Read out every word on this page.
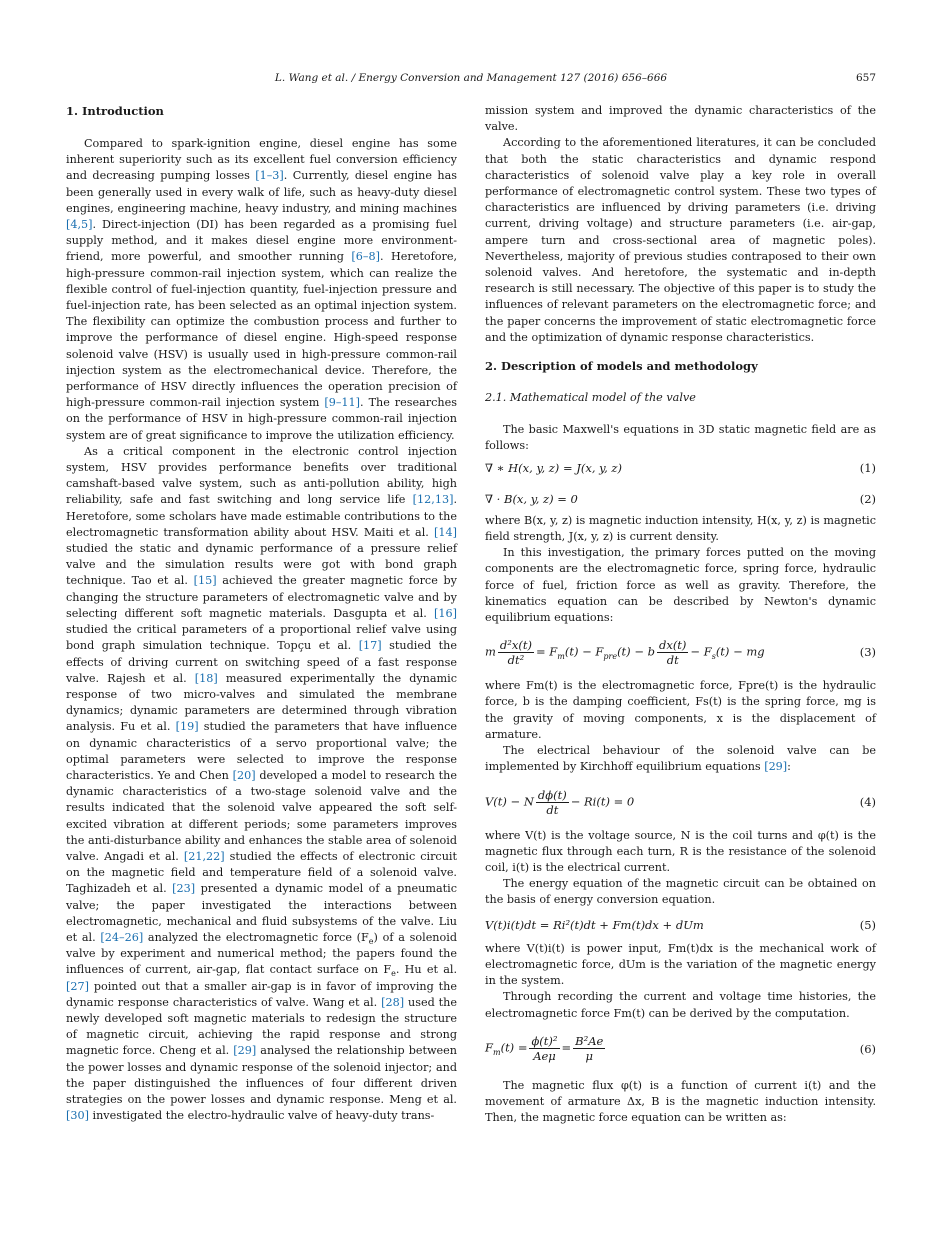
L. Wang et al. / Energy Conversion and Management 127 (2016) 656–666	657
1. Introduction

Compared to spark-ignition engine, diesel engine has some inherent superiority such as its excellent fuel conversion efficiency and decreasing pumping losses [1–3]. Currently, diesel engine has been generally used in every walk of life, such as heavy-duty diesel engines, engineering machine, heavy industry, and mining machines [4,5]. Direct-injection (DI) has been regarded as a promising fuel supply method, and it makes diesel engine more environment-friend, more powerful, and smoother running [6–8]. Heretofore, high-pressure common-rail injection system, which can realize the flexible control of fuel-injection quantity, fuel-injection pressure and fuel-injection rate, has been selected as an optimal injection system. The flexibility can optimize the combustion process and further to improve the performance of diesel engine. High-speed response solenoid valve (HSV) is usually used in high-pressure common-rail injection system as the electromechanical device. Therefore, the performance of HSV directly influences the operation precision of high-pressure common-rail injection system [9–11]. The researches on the performance of HSV in high-pressure common-rail injection system are of great significance to improve the utilization efficiency.

As a critical component in the electronic control injection system, HSV provides performance benefits over traditional camshaft-based valve system, such as anti-pollution ability, high reliability, safe and fast switching and long service life [12,13]. Heretofore, some scholars have made estimable contributions to the electromagnetic transformation ability about HSV. Maiti et al. [14] studied the static and dynamic performance of a pressure relief valve and the simulation results were got with bond graph technique. Tao et al. [15] achieved the greater magnetic force by changing the structure parameters of electromagnetic valve and by selecting different soft magnetic materials. Dasgupta et al. [16] studied the critical parameters of a proportional relief valve using bond graph simulation technique. Topçu et al. [17] studied the effects of driving current on switching speed of a fast response valve. Rajesh et al. [18] measured experimentally the dynamic response of two micro-valves and simulated the membrane dynamics; dynamic parameters are determined through vibration analysis. Fu et al. [19] studied the parameters that have influence on dynamic characteristics of a servo proportional valve; the optimal parameters were selected to improve the response characteristics. Ye and Chen [20] developed a model to research the dynamic characteristics of a two-stage solenoid valve and the results indicated that the solenoid valve appeared the soft self-excited vibration at different periods; some parameters improves the anti-disturbance ability and enhances the stable area of solenoid valve. Angadi et al. [21,22] studied the effects of electronic circuit on the magnetic field and temperature field of a solenoid valve. Taghizadeh et al. [23] presented a dynamic model of a pneumatic valve; the paper investigated the interactions between electromagnetic, mechanical and fluid subsystems of the valve. Liu et al. [24–26] analyzed the electromagnetic force $(F_e)$ of a solenoid valve by experiment and numerical method; the papers found the influences of current, air-gap, flat contact surface on $F_e$. Hu et al. [27] pointed out that a smaller air-gap is in favor of improving the dynamic response characteristics of valve. Wang et al. [28] used the newly developed soft magnetic materials to redesign the structure of magnetic circuit, achieving the rapid response and strong magnetic force. Cheng et al. [29] analysed the relationship between the power losses and dynamic response of the solenoid injector; and the paper distinguished the influences of four different driven strategies on the power losses and dynamic response. Meng et al. [30] investigated the electro-hydraulic valve of heavy-duty trans-

mission system and improved the dynamic characteristics of the valve.

According to the aforementioned literatures, it can be concluded that both the static characteristics and dynamic respond characteristics of solenoid valve play a key role in overall performance of electromagnetic control system. These two types of characteristics are influenced by driving parameters (i.e. driving current, driving voltage) and structure parameters (i.e. air-gap, ampere turn and cross-sectional area of magnetic poles). Nevertheless, majority of previous studies contraposed to their own solenoid valves. And heretofore, the systematic and in-depth research is still necessary. The objective of this paper is to study the influences of relevant parameters on the electromagnetic force; and the paper concerns the improvement of static electromagnetic force and the optimization of dynamic response characteristics.

2. Description of models and methodology
2.1. Mathematical model of the valve

The basic Maxwell's equations in 3D static magnetic field are as follows:

∇ ∗ H(x, y, z) = J(x, y, z)	(1)
∇ · B(x, y, z) = 0	(2)

where B(x, y, z) is magnetic induction intensity, H(x, y, z) is magnetic field strength, J(x, y, z) is current density.

In this investigation, the primary forces putted on the moving components are the electromagnetic force, spring force, hydraulic force of fuel, friction force as well as gravity. Therefore, the kinematics equation can be described by Newton's dynamic equilibrium equations:

m $\frac{\text{d²x(t)}}{\text{dt²}} = F_m(t) - F_{pre}(t) - b \frac{dx(t)}{dt} - F_s(t)$ − mg	(3)

where Fm(t) is the electromagnetic force, Fpre(t) is the hydraulic force, b is the damping coefficient, Fs(t) is the spring force, mg is the gravity of moving components, x is the displacement of armature.

The electrical behaviour of the solenoid valve can be implemented by Kirchhoff equilibrium equations [29]:

V(t) − N $\frac{d\phi(t)}{dt} - Ri(t) = 0$	(4)

where V(t) is the voltage source, N is the coil turns and φ(t) is the magnetic flux through each turn, R is the resistance of the solenoid coil, i(t) is the electrical current.

The energy equation of the magnetic circuit can be obtained on the basis of energy conversion equation.

V(t)i(t)dt = Ri²(t)dt + Fm(t)dx + dUm	(5)

where V(t)i(t) is power input, Fm(t)dx is the mechanical work of electromagnetic force, dUm is the variation of the magnetic energy in the system.

Through recording the current and voltage time histories, the electromagnetic force Fm(t) can be derived by the computation.

$F_m(t) = \frac{\text{ϕ(t)²}}{\text{Aeμ}} = \frac{\text{B²Ae}}{\mu}$	(6)

The magnetic flux φ(t) is a function of current i(t) and the movement of armature Δx, B is the magnetic induction intensity. Then, the magnetic force equation can be written as:
